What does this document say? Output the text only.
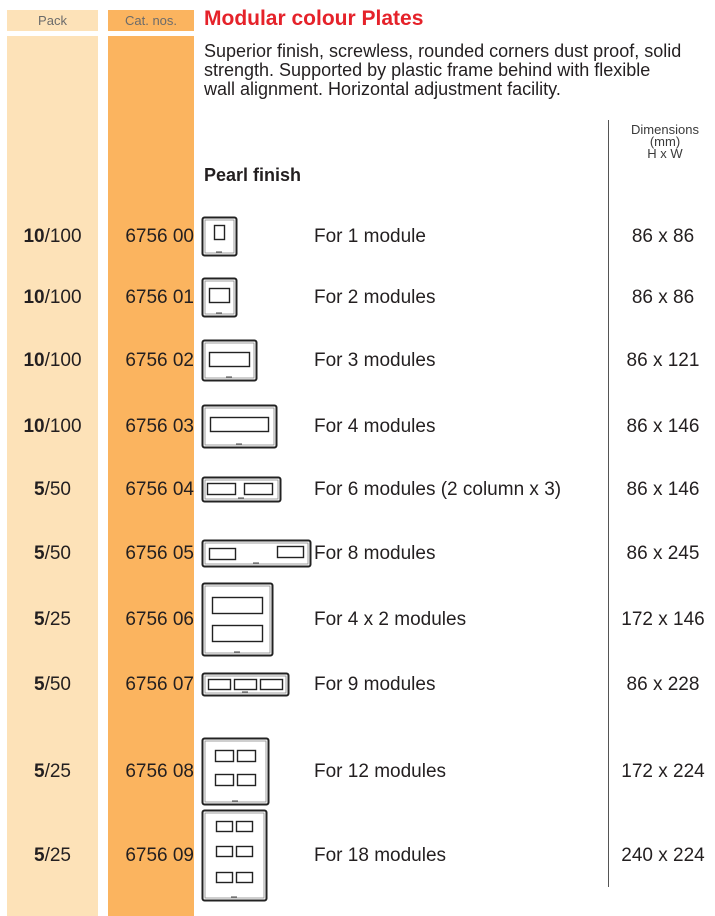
Pack	Cat. nos.	Modular colour Plates
Superior finish, screwless, rounded corners dust proof, solid strength. Supported by plastic frame behind with flexible wall alignment. Horizontal adjustment facility.
Dimensions
(mm)
H x W
Pearl finish
10/100	6756 00	For 1 module	86 x 86
10/100	6756 01	For 2 modules	86 x 86
10/100	6756 02	For 3 modules	86 x 121
10/100	6756 03	For 4 modules	86 x 146
5/50	6756 04	For 6 modules (2 column x 3)	86 x 146
5/50	6756 05	For 8 modules	86 x 245
5/25	6756 06	For 4 x 2 modules	172 x 146
5/50	6756 07	For 9 modules	86 x 228
5/25	6756 08	For 12 modules	172 x 224
5/25	6756 09	For 18 modules	240 x 224
